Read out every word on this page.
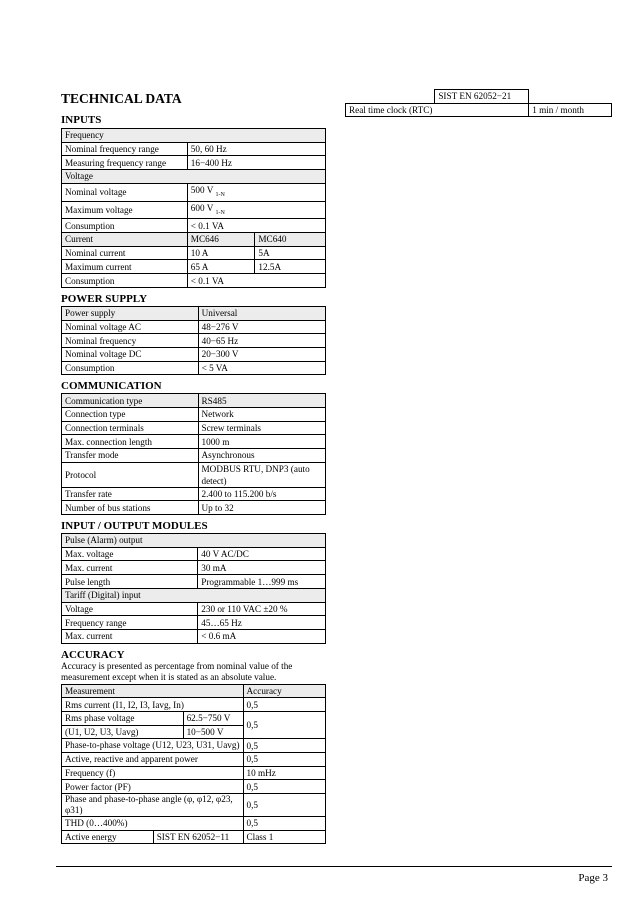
TECHNICAL DATA
INPUTS
Frequency		
Nominal frequency range	50, 60 Hz	
Measuring frequency range	16−400 Hz	
Voltage		
Nominal voltage	500 V $_{1-N}$
Maximum voltage	600 V $_{1-N}$
Consumption	< 0.1 VA	
Current	MC646	MC640
Nominal current	10 A	5A
Maximum current	65 A	12.5A
Consumption	< 0.1 VA	
POWER SUPPLY
Power supply	Universal
Nominal voltage AC	48−276 V
Nominal frequency	40−65 Hz
Nominal voltage DC	20−300 V
Consumption	< 5 VA
COMMUNICATION
Communication type	RS485
Connection type	Network
Connection terminals	Screw terminals
Max. connection length	1000 m
Transfer mode	Asynchronous
Protocol	MODBUS RTU, DNP3 (auto detect)
Transfer rate	2.400 to 115.200 b/s
Number of bus stations	Up to 32
INPUT / OUTPUT MODULES
Pulse (Alarm) output	
Max. voltage	40 V AC/DC
Max. current	30 mA
Pulse length	Programmable 1…999 ms
Tariff (Digital) input	
Voltage	230 or 110 VAC ±20 %
Frequency range	45…65 Hz
Max. current	< 0.6 mA
ACCURACY

Accuracy is presented as percentage from nominal value of the measurement except when it is stated as an absolute value.

Measurement			Accuracy
Rms current (I1, I2, I3, Iavg, In)			0,5
Rms phase voltage		62.5−750 V	0,5
(U1, U2, U3, Uavg)		10−500 V	
Phase-to-phase voltage (U12, U23, U31, Uavg)			0,5
Active, reactive and apparent power			0,5
Frequency (f)			10 mHz
Power factor (PF)			0,5
Phase and phase-to-phase angle (φ, φ12, φ23, φ31)			0,5
THD (0…400%)			0,5
Active energy	SIST EN 62052−11		Class 1
	SIST EN 62052−21	
Real time clock (RTC)		1 min / month
Page 3
